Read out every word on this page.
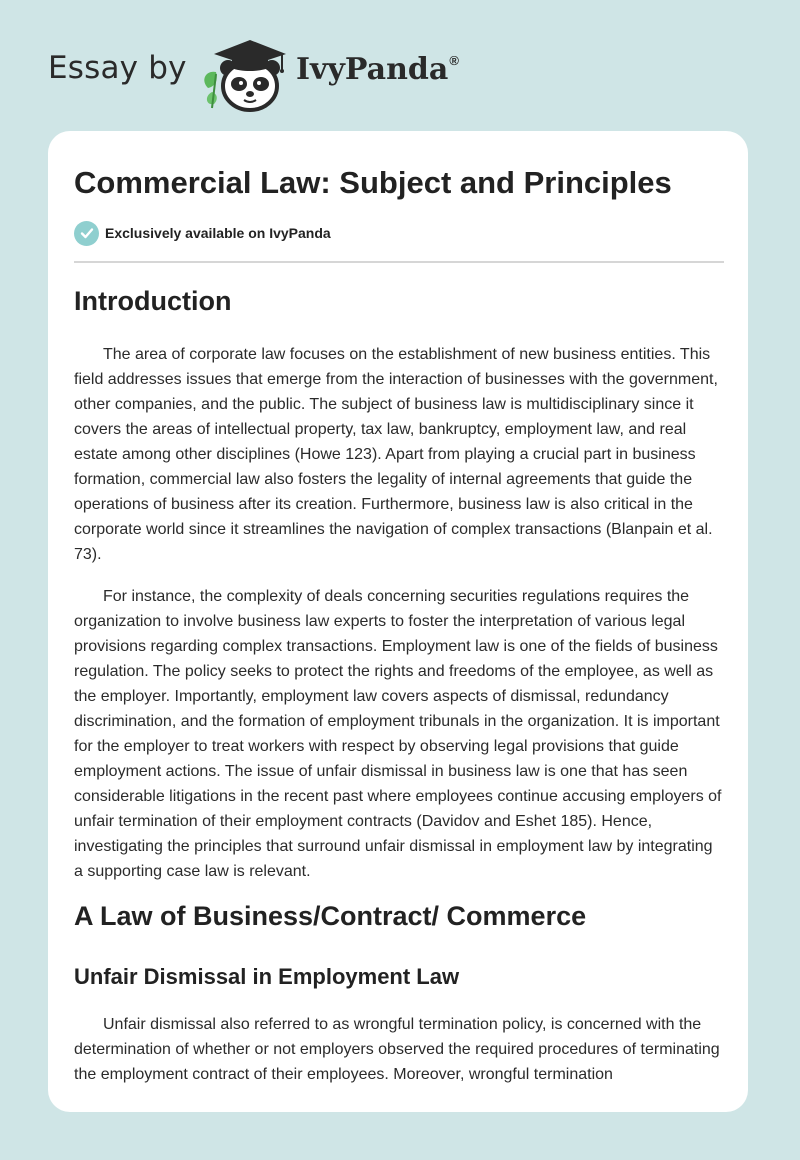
Essay by	IvyPanda®
Commercial Law: Subject and Principles
Exclusively available on IvyPanda
Introduction

The area of corporate law focuses on the establishment of new business entities. This field addresses issues that emerge from the interaction of businesses with the government, other companies, and the public. The subject of business law is multidisciplinary since it covers the areas of intellectual property, tax law, bankruptcy, employment law, and real estate among other disciplines (Howe 123). Apart from playing a crucial part in business formation, commercial law also fosters the legality of internal agreements that guide the operations of business after its creation. Furthermore, business law is also critical in the corporate world since it streamlines the navigation of complex transactions (Blanpain et al. 73).

For instance, the complexity of deals concerning securities regulations requires the organization to involve business law experts to foster the interpretation of various legal provisions regarding complex transactions. Employment law is one of the fields of business regulation. The policy seeks to protect the rights and freedoms of the employee, as well as the employer. Importantly, employment law covers aspects of dismissal, redundancy discrimination, and the formation of employment tribunals in the organization. It is important for the employer to treat workers with respect by observing legal provisions that guide employment actions. The issue of unfair dismissal in business law is one that has seen considerable litigations in the recent past where employees continue accusing employers of unfair termination of their employment contracts (Davidov and Eshet 185). Hence, investigating the principles that surround unfair dismissal in employment law by integrating a supporting case law is relevant.

A Law of Business/Contract/ Commerce
Unfair Dismissal in Employment Law

Unfair dismissal also referred to as wrongful termination policy, is concerned with the determination of whether or not employers observed the required procedures of terminating the employment contract of their employees. Moreover, wrongful termination
